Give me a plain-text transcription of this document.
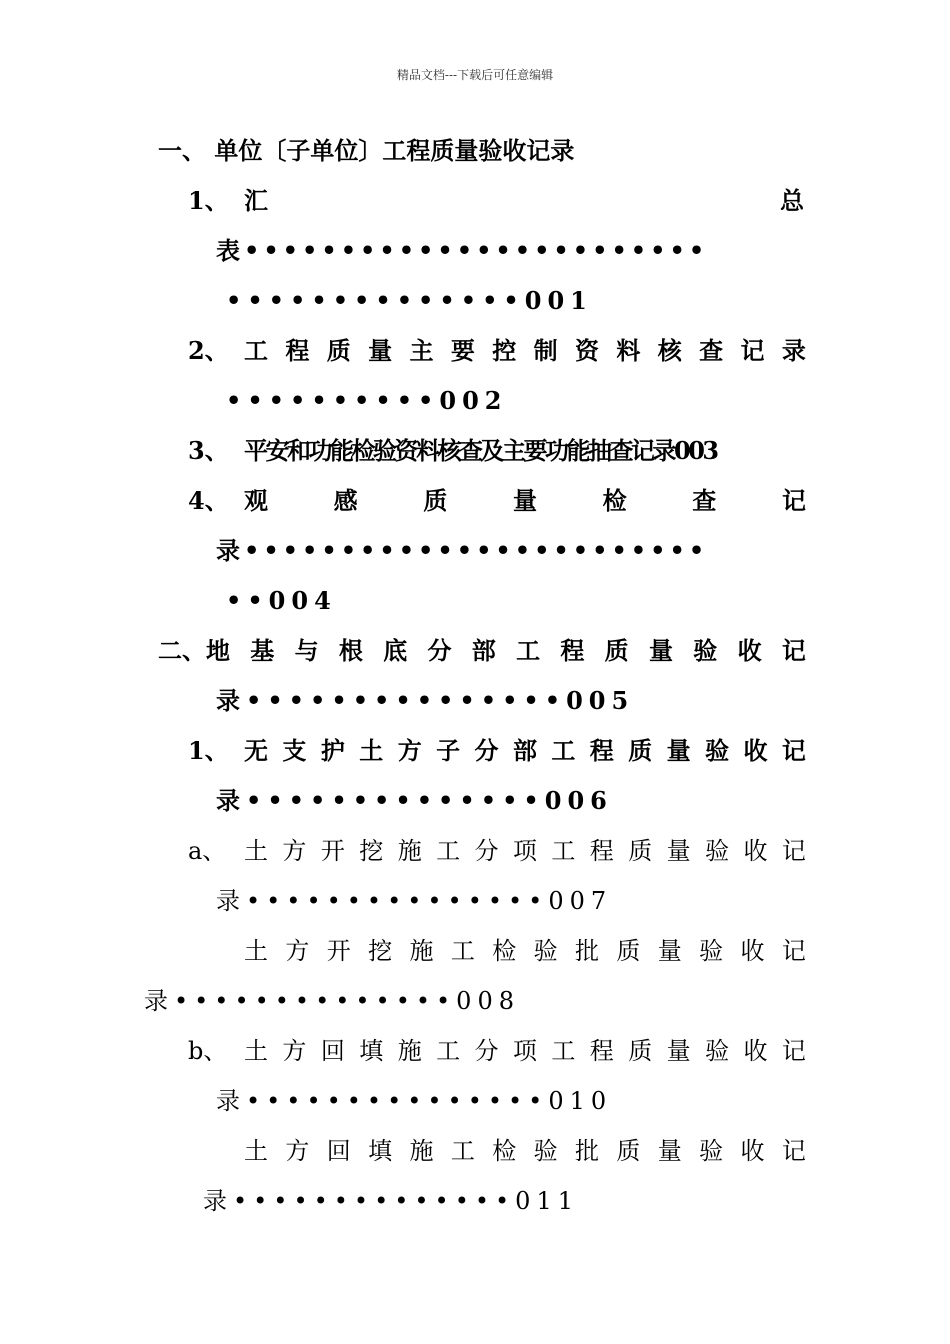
精品文档---下载后可任意编辑
一、 单位〔子单位〕工程质量验收记录
1、 汇	总
表••••••••••••••••••••••••
••••••••••••••001
2、 工 程 质 量 主 要 控 制 资 料 核 查 记 录
••••••••••002
3、 平安和功能检验资料核查及主要功能抽查记录003
4、 观	感	质	量	检	查	记
录••••••••••••••••••••••••
••004
二、地 基 与 根 底 分 部 工 程 质 量 验 收 记
录•••••••••••••••005
1、 无 支 护 土 方 子 分 部 工 程 质 量 验 收 记
录••••••••••••••006
a、 土 方 开 挖 施 工 分 项 工 程 质 量 验 收 记
录•••••••••••••••007
土 方 开 挖 施 工 检 验 批 质 量 验 收 记
录••••••••••••••008
b、 土 方 回 填 施 工 分 项 工 程 质 量 验 收 记
录•••••••••••••••010
土 方 回 填 施 工 检 验 批 质 量 验 收 记
录••••••••••••••011
